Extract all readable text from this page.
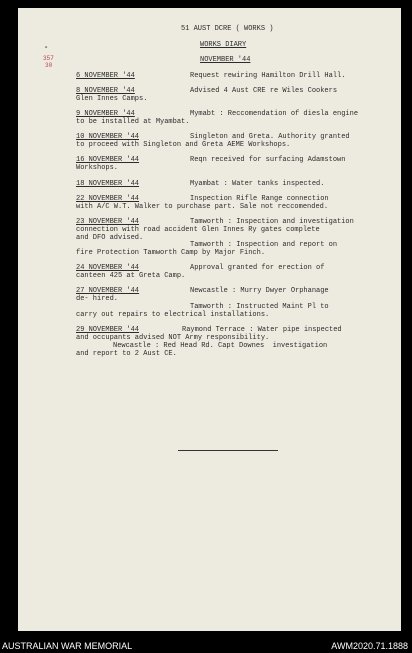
51 AUST DCRE ( WORKS )
WORKS DIARY
NOVEMBER '44
-
357
30
6 NOVEMBER '44	Request rewiring Hamilton Drill Hall.
8 NOVEMBER '44	Advised 4 Aust CRE re Wiles Cookers
Glen Innes Camps.
9 NOVEMBER '44	Mymabt : Reccomendation of diesla engine
to be installed at Myambat.
10 NOVEMBER '44	Singleton and Greta. Authority granted
to proceed with Singleton and Greta AEME Workshops.
16 NOVEMBER '44	Reqn received for surfacing Adamstown
Workshops.
18 NOVEMBER '44	Myambat : Water tanks inspected.
22 NOVEMBER '44	Inspection Rifle Range connection
with A/C W.T. Walker to purchase part. Sale not reccomended.
23 NOVEMBER '44	Tamworth : Inspection and investigation
connection with road accident Glen Innes Ry gates complete
and DFO advised.
Tamworth : Inspection and report on
fire Protection Tamworth Camp by Major Finch.
24 NOVEMBER '44	Approval granted for erection of
canteen 425 at Greta Camp.
27 NOVEMBER '44	Newcastle : Murry Dwyer Orphanage
de- hired.
Tamworth : Instructed Maint Pl to
carry out repairs to electrical installations.
29 NOVEMBER '44	Raymond Terrace : Water pipe inspected
and occupants advised NOT Army responsibility.
Newcastle : Red Head Rd. Capt Downes  investigation
and report to 2 Aust CE.
AUSTRALIAN WAR MEMORIAL	AWM2020.71.1888
